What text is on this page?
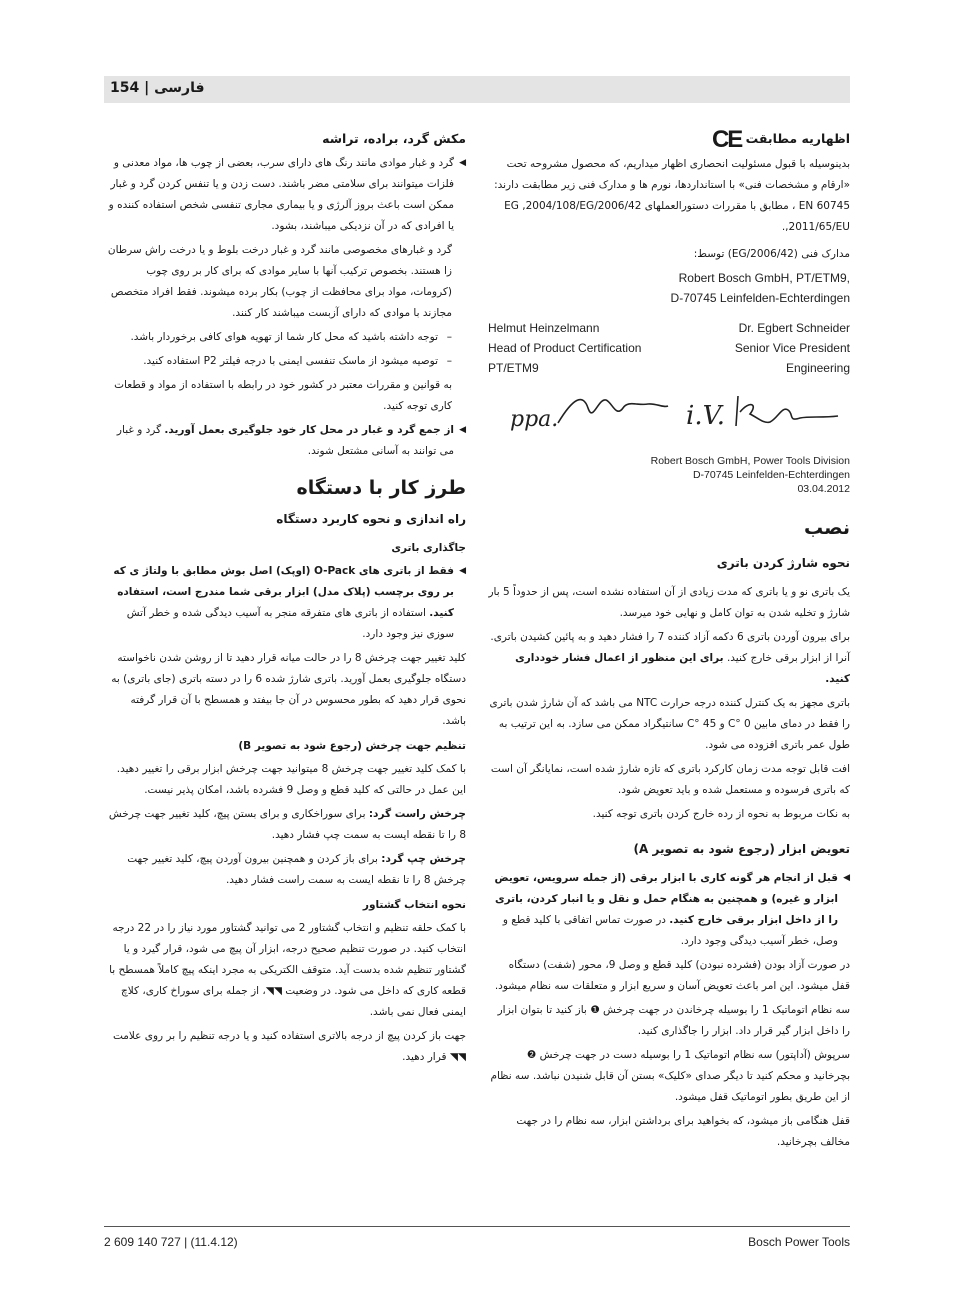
154 | فارسی
اظهاریه مطابقت CE

بدینوسیله با قبول مسئولیت انحصاری اظهار میداریم، که محصول مشروحه تحت «ارقام و مشخصات فنی» با استانداردها، نورم ها و مدارک فنی زیر مطابقت دارند: EN 60745 ، مطابق با مقررات دستورالعملهای 2006/42/EG ,2004/108/EG ,2011/65/EU.

مدارک فنی (2006/42/EG) توسط:

Robert Bosch GmbH, PT/ETM9,
D-70745 Leinfelden-Echterdingen
Helmut Heinzelmann
Head of Product Certification
PT/ETM9
Dr. Egbert Schneider
Senior Vice President
Engineering
ppa.	i.V.
Robert Bosch GmbH, Power Tools Division
D-70745 Leinfelden-Echterdingen
03.04.2012
نصب
نحوه شارژ کردن باتری

یک باتری نو و یا باتری که مدت زیادی از آن استفاده نشده است، پس از حدوداً 5 بار شارژ و تخلیه شدن به توان کامل و نهایی خود میرسد.

برای بیرون آوردن باتری 6 دکمه آزاد کننده 7 را فشار دهید و به پائین کشیدن باتری. آنرا از ابزار برقی خارج کنید. برای این منظور از اعمال فشار خودداری کنید.

باتری مجهز به یک کنترل کننده درجه حرارت NTC می باشد که آن شارژ شدن باتری را فقط در دمای مابین 0 °C و 45 °C سانتیگراد ممکن می سازد. به این ترتیب به طول عمر باتری افزوده می شود.

افت قابل توجه مدت زمان کارکرد باتری که تازه شارژ شده است، نمایانگر آن است که باتری فرسوده و مستعمل شده و باید تعویض شود.

به نکات مربوط به نحوه از رده خارج کردن باتری توجه کنید.

تعویض ابزار (رجوع شود به تصویر A)

◀ قبل از انجام هر گونه کاری با ابزار برقی (از جمله سرویس، تعویض ابزار و غیره) و همچنین به هنگام حمل و نقل و یا انبار کردن، باتری را از داخل ابزار برقی خارج کنید. در صورت تماس اتفاقی با کلید قطع و وصل، خطر آسیب دیدگی وجود دارد.

در صورت آزاد بودن (فشرده نبودن) کلید قطع و وصل 9، محور (شفت) دستگاه قفل میشود. این امر باعث تعویض آسان و سریع ابزار و متعلقات سه نظام میشود.

سه نظام اتوماتیک 1 را بوسیله چرخاندن در جهت چرخش ❶ باز کنید تا بتوان ابزار را داخل ابزار گیر قرار داد. ابزار را جاگذاری کنید.

سرپوش (آداپتور) سه نظام اتوماتیک 1 را بوسیله دست در جهت چرخش ❷ بچرخانید و محکم کنید تا دیگر صدای «کلیک» بستن آن قابل شنیدن نباشد. سه نظام از این طریق بطور اتوماتیک قفل میشود.

قفل هنگامی باز میشود، که بخواهید برای برداشتن ابزار، سه نظام را در جهت مخالف بچرخانید.

مکش گرد، براده، تراشه

◀ گرد و غبار موادی مانند رنگ های دارای سرب، بعضی از چوب ها، مواد معدنی و فلزات میتوانند برای سلامتی مضر باشند. دست زدن و یا تنفس کردن گرد و غبار ممکن است باعث بروز آلرژی و یا بیماری مجاری تنفسی شخص استفاده کننده و یا افرادی که در آن نزدیکی میباشند، بشود.

گرد و غبارهای مخصوصی مانند گرد و غبار درخت بلوط و یا درخت راش سرطان زا هستند. بخصوص ترکیب آنها با سایر موادی که برای کار بر روی چوب (کرومات، مواد برای محافظت از چوب) بکار برده میشوند. فقط افراد متخصص مجازند با موادی که دارای آزبست میباشند کار کنند.

– توجه داشته باشید که محل کار شما از تهویه هوای کافی برخوردار باشد.

– توصیه میشود از ماسک تنفسی ایمنی با درجه فیلتر P2 استفاده کنید.

به قوانین و مقررات معتبر در کشور خود در رابطه با استفاده از مواد و قطعات کاری توجه کنید.

◀ از جمع گرد و غبار در محل کار خود جلوگیری بعمل آورید. گرد و غبار می توانند به آسانی مشتعل شوند.

طرز کار با دستگاه
راه اندازی و نحوه کاربرد دستگاه
جاگذاری باتری

◀ فقط از باتری های O-Pack (اوپک) اصل بوش مطابق با ولتاژ ی که بر روی برچسب (پلاک مدل) ابزار برقی شما مندرج است، استفاده کنید. استفاده از باتری های متفرقه منجر به آسیب دیدگی شده و خطر آتش سوزی نیز وجود دارد.

کلید تغییر جهت چرخش 8 را در حالت میانه قرار دهید تا از روشن شدن ناخواسته دستگاه جلوگیری بعمل آورید. باتری شارژ شده 6 را در دسته باتری (جای باتری) به نحوی قرار دهید که بطور محسوس در آن جا بیفتد و همسطح با آن قرار گرفته باشد.

تنظیم جهت چرخش (رجوع شود به تصویر B)

با کمک کلید تغییر جهت چرخش 8 میتوانید جهت چرخش ابزار برقی را تغییر دهید. این عمل در حالتی که کلید قطع و وصل 9 فشرده باشد، امکان پذیر نیست.

چرخش راست گرد: برای سوراخکاری و برای بستن پیچ، کلید تغییر جهت چرخش 8 را تا نقطه ایست به سمت چپ فشار دهید.

چرخش چپ گرد: برای باز کردن و همچنین بیرون آوردن پیچ، کلید تغییر جهت چرخش 8 را تا نقطه ایست به سمت راست فشار دهید.

نحوه انتخاب گشتاور

با کمک حلقه تنظیم و انتخاب گشتاور 2 می توانید گشتاور مورد نیاز را در 22 درجه انتخاب کنید. در صورت تنظیم صحیح درجه، ابزار آن پیچ می شود، قرار گیرد و یا گشتاور تنظیم شده بدست آید. متوقف الکتریکی به مجرد اینکه پیچ کاملاً همسطح با قطعه کاری که داخل می شود. در وضعیت ◥◥، از جمله برای سوراخ کاری، کلاچ ایمنی فعال نمی باشد.

جهت باز کردن پیچ از درجه بالاتری استفاده کنید و یا درجه تنظیم را بر روی علامت ◥◥ قرار دهید.

2 609 140 727 | (11.4.12)	Bosch Power Tools
